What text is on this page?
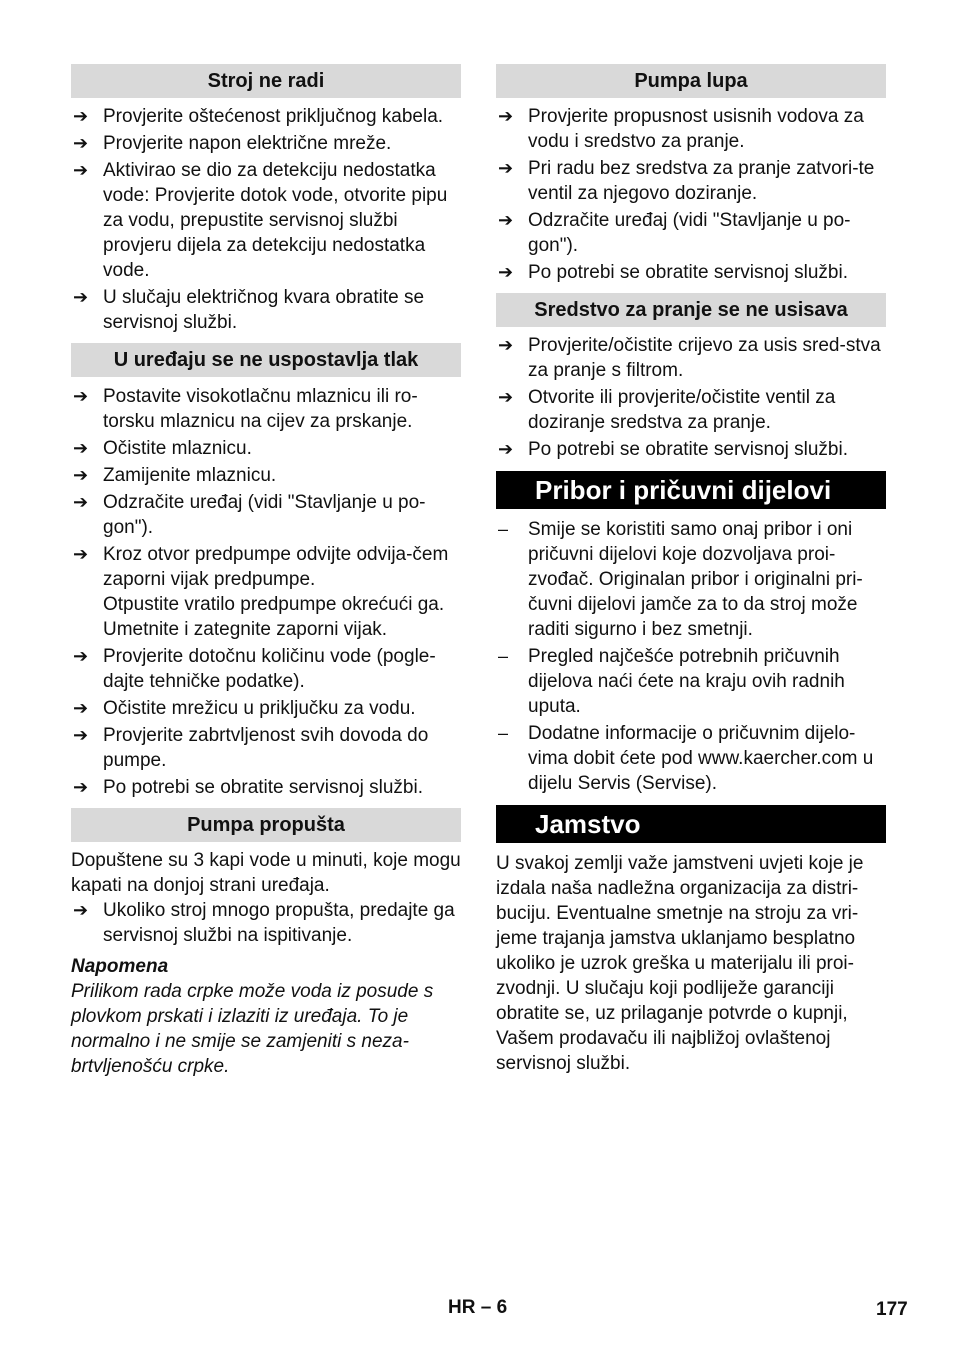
Stroj ne radi
➔ Provjerite oštećenost priključnog kabela.
➔ Provjerite napon električne mreže.
➔ Aktivirao se dio za detekciju nedostatka vode: Provjerite dotok vode, otvorite pipu za vodu, prepustite servisnoj službi provjeru dijela za detekciju nedostatka vode.
➔ U slučaju električnog kvara obratite se servisnoj službi.
U uređaju se ne uspostavlja tlak
➔ Postavite visokotlačnu mlaznicu ili ro-torsku mlaznicu na cijev za prskanje.
➔ Očistite mlaznicu.
➔ Zamijenite mlaznicu.
➔ Odzračite uređaj (vidi "Stavljanje u po-gon").
➔ Kroz otvor predpumpe odvijte odvija-čem zaporni vijak predpumpe.
Otpustite vratilo predpumpe okrećući ga.
Umetnite i zategnite zaporni vijak.
➔ Provjerite dotočnu količinu vode (pogle-dajte tehničke podatke).
➔ Očistite mrežicu u priključku za vodu.
➔ Provjerite zabrtvljenost svih dovoda do pumpe.
➔ Po potrebi se obratite servisnoj službi.
Pumpa propušta
Dopuštene su 3 kapi vode u minuti, koje mogu kapati na donjoj strani uređaja.
➔ Ukoliko stroj mnogo propušta, predajte ga servisnoj službi na ispitivanje.
Napomena
Prilikom rada crpke može voda iz posude s plovkom prskati i izlaziti iz uređaja. To je normalno i ne smije se zamjeniti s neza-brtvljenošću crpke.
Pumpa lupa
➔ Provjerite propusnost usisnih vodova za vodu i sredstvo za pranje.
➔ Pri radu bez sredstva za pranje zatvori-te ventil za njegovo doziranje.
➔ Odzračite uređaj (vidi "Stavljanje u po-gon").
➔ Po potrebi se obratite servisnoj službi.
Sredstvo za pranje se ne usisava
➔ Provjerite/očistite crijevo za usis sred-stva za pranje s filtrom.
➔ Otvorite ili provjerite/očistite ventil za doziranje sredstva za pranje.
➔ Po potrebi se obratite servisnoj službi.
Pribor i pričuvni dijelovi
–	Smije se koristiti samo onaj pribor i oni pričuvni dijelovi koje dozvoljava proi-zvođač. Originalan pribor i originalni pri-čuvni dijelovi jamče za to da stroj može raditi sigurno i bez smetnji.
–	Pregled najčešće potrebnih pričuvnih dijelova naći ćete na kraju ovih radnih uputa.
–	Dodatne informacije o pričuvnim dijelo-vima dobit ćete pod www.kaercher.com u dijelu Servis (Servise).
Jamstvo
U svakoj zemlji važe jamstveni uvjeti koje je izdala naša nadležna organizacija za distri-buciju. Eventualne smetnje na stroju za vri-jeme trajanja jamstva uklanjamo besplatno ukoliko je uzrok greška u materijalu ili proi-zvodnji. U slučaju koji podliježe garanciji obratite se, uz prilaganje potvrde o kupnji, Vašem prodavaču ili najbližoj ovlaštenoj servisnoj službi.
HR – 6	177
